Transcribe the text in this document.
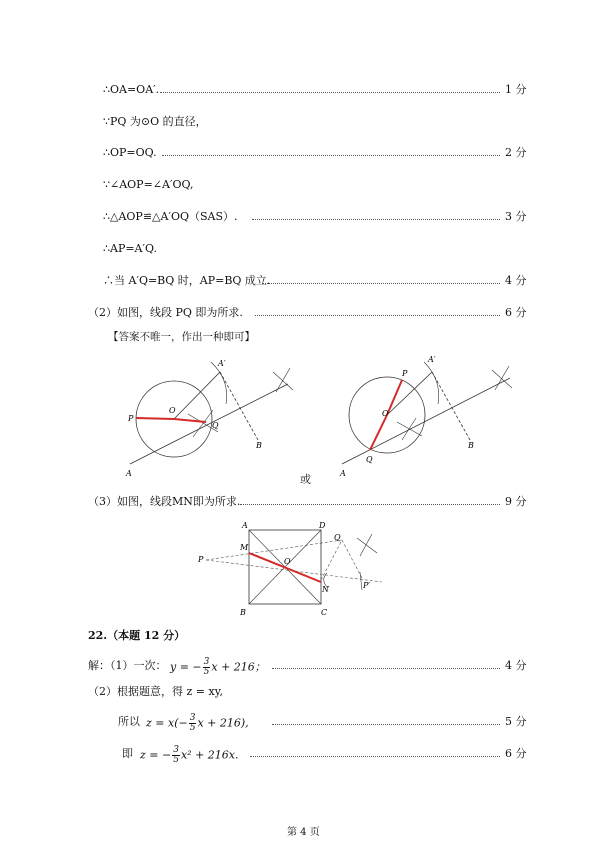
∴OA=OA′.	1 分
∵PQ 为⊙O 的直径，
∴OP=OQ.	2 分
∵∠AOP=∠A′OQ,
∴△AOP≌△A′OQ（SAS）.	3 分
∴AP=A′Q.
∴当 A′Q=BQ 时，AP=BQ 成立.	4 分
（2）如图，线段 PQ 即为所求.	6 分
【答案不唯一，作出一种即可】
A′
P
O
Q
B
A	或
A′
P
O
Q
B
A
（3）如图，线段MN即为所求.	9 分
A	D
M
O
Q
P
N	P′
B	C
22.（本题 12 分）
解：（1）一次： y = − $\frac{3}{5}$ x + 216；	4 分
（2）根据题意，得 z = xy,
所以 $z = x(- \frac{3}{5}$ x + 216),	5 分
即 z = − $\frac{3}{5} x^2 + 216x$.	6 分
第 4 页
